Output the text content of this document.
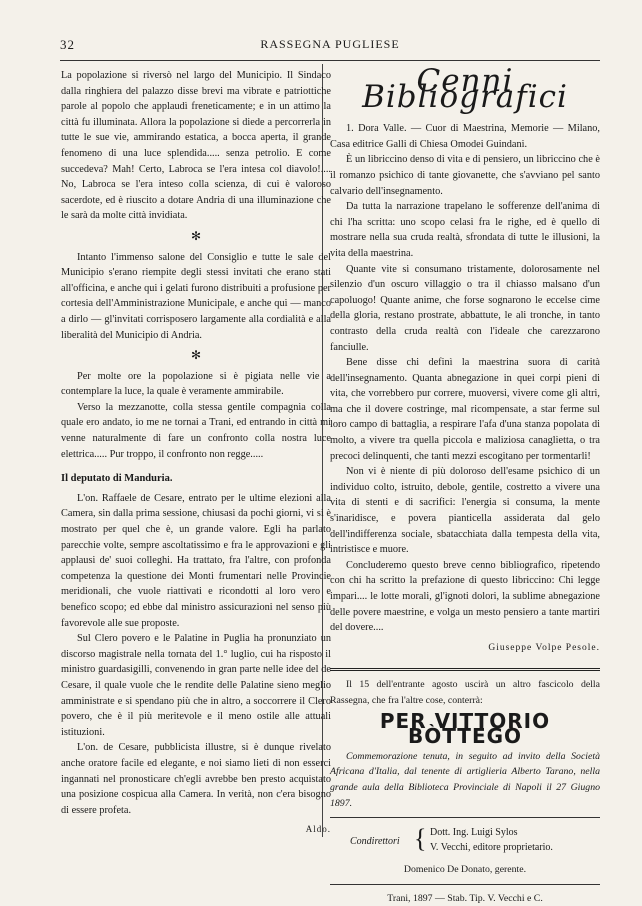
32	RASSEGNA PUGLIESE

La popolazione si riversò nel largo del Municipio. Il Sindaco dalla ringhiera del palazzo disse brevi ma vibrate e patriottiche parole al popolo che applaudì freneticamente; e in un attimo la città fu illuminata. Allora la popolazione si diede a percorrerla in tutte le sue vie, ammirando estatica, a bocca aperta, il grande fenomeno di una luce splendida..... senza petrolio. E come succedeva? Mah! Certo, Labroca se l'era intesa col diavolo!.... No, Labroca se l'era inteso colla scienza, di cui è valoroso sacerdote, ed è riuscito a dotare Andria di una illuminazione che le sarà da molte città invidiata.

✻

Intanto l'immenso salone del Consiglio e tutte le sale del Municipio s'erano riempite degli stessi invitati che erano stati all'officina, e anche qui i gelati furono distribuiti a profusione per cortesia dell'Amministrazione Municipale, e anche qui — manco a dirlo — gl'invitati corrisposero largamente alla cordialità e alla liberalità del Municipio di Andria.

✻

Per molte ore la popolazione si è pigiata nelle vie a contemplare la luce, la quale è veramente ammirabile.

Verso la mezzanotte, colla stessa gentile compagnia colla quale ero andato, io me ne tornai a Trani, ed entrando in città mi venne naturalmente di fare un confronto colla nostra luce elettrica..... Pur troppo, il confronto non regge.....

Il deputato di Manduria.

L'on. Raffaele de Cesare, entrato per le ultime elezioni alla Camera, sin dalla prima sessione, chiusasi da pochi giorni, vi si è mostrato per quel che è, un grande valore. Egli ha parlato parecchie volte, sempre ascoltatissimo e fra le approvazioni e gli applausi de' suoi colleghi. Ha trattato, fra l'altre, con profonda competenza la questione dei Monti frumentari nelle Provincie meridionali, che vuole riattivati e ricondotti al loro vero e benefico scopo; ed ebbe dal ministro assicurazioni nel senso più favorevole alle sue proposte.

Sul Clero povero e le Palatine in Puglia ha pronunziato un discorso magistrale nella tornata del 1.° luglio, cui ha risposto il ministro guardasigilli, convenendo in gran parte nelle idee del de Cesare, il quale vuole che le rendite delle Palatine sieno meglio amministrate e si spendano più che in altro, a soccorrere il Clero povero, che è il più meritevole e il meno ostile alle attuali istituzioni.

L'on. de Cesare, pubblicista illustre, si è dunque rivelato anche oratore facile ed elegante, e noi siamo lieti di non esserci ingannati nel pronosticare ch'egli avrebbe ben presto acquistato una posizione cospicua alla Camera. In verità, non c'era bisogno di essere profeta.

Aldo.
Cenni Bibliografici

1. Dora Valle. — Cuor di Maestrina, Memorie — Milano, Casa editrice Galli di Chiesa Omodei Guindani.

È un libriccino denso di vita e di pensiero, un libriccino che è il romanzo psichico di tante giovanette, che s'avviano pel santo calvario dell'insegnamento.

Da tutta la narrazione trapelano le sofferenze dell'anima di chi l'ha scritta: uno scopo celasi fra le righe, ed è quello di mostrare nella sua cruda realtà, sfrondata di tutte le illusioni, la vita della maestrina.

Quante vite si consumano tristamente, dolorosamente nel silenzio d'un oscuro villaggio o tra il chiasso malsano d'un capoluogo! Quante anime, che forse sognarono le eccelse cime della gloria, restano prostrate, abbattute, le ali tronche, in tanto contrasto della cruda realtà con l'ideale che carezzarono fanciulle.

Bene disse chi definì la maestrina suora di carità dell'insegnamento. Quanta abnegazione in quei corpi pieni di vita, che vorrebbero pur correre, muoversi, vivere come gli altri, ma che il dovere costringe, mal ricompensate, a star ferme sul loro campo di battaglia, a respirare l'afa d'una stanza popolata di molto, a vivere tra quella piccola e maliziosa canaglietta, o tra precoci delinquenti, che tanti mezzi escogitano per tormentarli!

Non vi è niente di più doloroso dell'esame psichico di un individuo colto, istruito, debole, gentile, costretto a vivere una vita di stenti e di sacrifici: l'energia si consuma, la mente s'inaridisce, e povera pianticella assiderata dal gelo dell'indifferenza sociale, sbatacchiata dalla tempesta della vita, intristisce e muore.

Concluderemo questo breve cenno bibliografico, ripetendo con chi ha scritto la prefazione di questo libriccino: Chi legge impari.... le lotte morali, gl'ignoti dolori, la sublime abnegazione delle povere maestrine, e volga un mesto pensiero a tante martiri del dovere....

Giuseppe Volpe Pesole.

Il 15 dell'entrante agosto uscirà un altro fascicolo della Rassegna, che fra l'altre cose, conterrà:

PER VITTORIO BÒTTEGO

Commemorazione tenuta, in seguito ad invito della Società Africana d'Italia, dal tenente di artiglieria Alberto Tarano, nella grande aula della Biblioteca Provinciale di Napoli il 27 Giugno 1897.

Condirettori { Dott. Ing. Luigi Sylos
V. Vecchi, editore proprietario.
Domenico De Donato, gerente.
Trani, 1897 — Stab. Tip. V. Vecchi e C.
